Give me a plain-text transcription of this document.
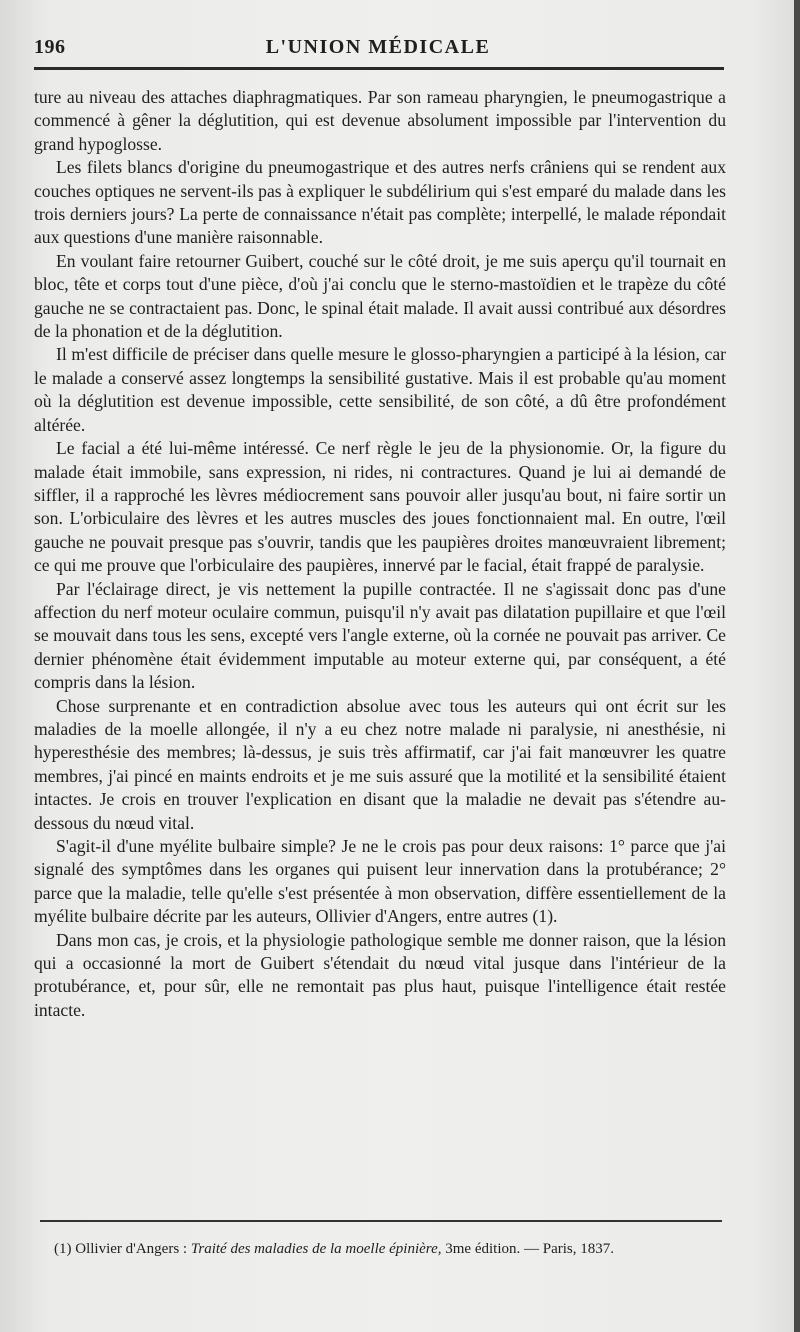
196	L'UNION MÉDICALE

ture au niveau des attaches diaphragmatiques. Par son rameau pharyngien, le pneumogastrique a commencé à gêner la déglutition, qui est devenue absolument impossible par l'intervention du grand hypoglosse.

Les filets blancs d'origine du pneumogastrique et des autres nerfs crâniens qui se rendent aux couches optiques ne servent-ils pas à expliquer le subdélirium qui s'est emparé du malade dans les trois derniers jours? La perte de connaissance n'était pas complète; interpellé, le malade répondait aux questions d'une manière raisonnable.

En voulant faire retourner Guibert, couché sur le côté droit, je me suis aperçu qu'il tournait en bloc, tête et corps tout d'une pièce, d'où j'ai conclu que le sterno-mastoïdien et le trapèze du côté gauche ne se contractaient pas. Donc, le spinal était malade. Il avait aussi contribué aux désordres de la phonation et de la déglutition.

Il m'est difficile de préciser dans quelle mesure le glosso-pharyngien a participé à la lésion, car le malade a conservé assez longtemps la sensibilité gustative. Mais il est probable qu'au moment où la déglutition est devenue impossible, cette sensibilité, de son côté, a dû être profondément altérée.

Le facial a été lui-même intéressé. Ce nerf règle le jeu de la physionomie. Or, la figure du malade était immobile, sans expression, ni rides, ni contractures. Quand je lui ai demandé de siffler, il a rapproché les lèvres médiocrement sans pouvoir aller jusqu'au bout, ni faire sortir un son. L'orbiculaire des lèvres et les autres muscles des joues fonctionnaient mal. En outre, l'œil gauche ne pouvait presque pas s'ouvrir, tandis que les paupières droites manœuvraient librement; ce qui me prouve que l'orbiculaire des paupières, innervé par le facial, était frappé de paralysie.

Par l'éclairage direct, je vis nettement la pupille contractée. Il ne s'agissait donc pas d'une affection du nerf moteur oculaire commun, puisqu'il n'y avait pas dilatation pupillaire et que l'œil se mouvait dans tous les sens, excepté vers l'angle externe, où la cornée ne pouvait pas arriver. Ce dernier phénomène était évidemment imputable au moteur externe qui, par conséquent, a été compris dans la lésion.

Chose surprenante et en contradiction absolue avec tous les auteurs qui ont écrit sur les maladies de la moelle allongée, il n'y a eu chez notre malade ni paralysie, ni anesthésie, ni hyperesthésie des membres; là-dessus, je suis très affirmatif, car j'ai fait manœuvrer les quatre membres, j'ai pincé en maints endroits et je me suis assuré que la motilité et la sensibilité étaient intactes. Je crois en trouver l'explication en disant que la maladie ne devait pas s'étendre au-dessous du nœud vital.

S'agit-il d'une myélite bulbaire simple? Je ne le crois pas pour deux raisons: 1° parce que j'ai signalé des symptômes dans les organes qui puisent leur innervation dans la protubérance; 2° parce que la maladie, telle qu'elle s'est présentée à mon observation, diffère essentiellement de la myélite bulbaire décrite par les auteurs, Ollivier d'Angers, entre autres (1).

Dans mon cas, je crois, et la physiologie pathologique semble me donner raison, que la lésion qui a occasionné la mort de Guibert s'étendait du nœud vital jusque dans l'intérieur de la protubérance, et, pour sûr, elle ne remontait pas plus haut, puisque l'intelligence était restée intacte.

(1) Ollivier d'Angers : Traité des maladies de la moelle épinière, 3me édition. — Paris, 1837.
